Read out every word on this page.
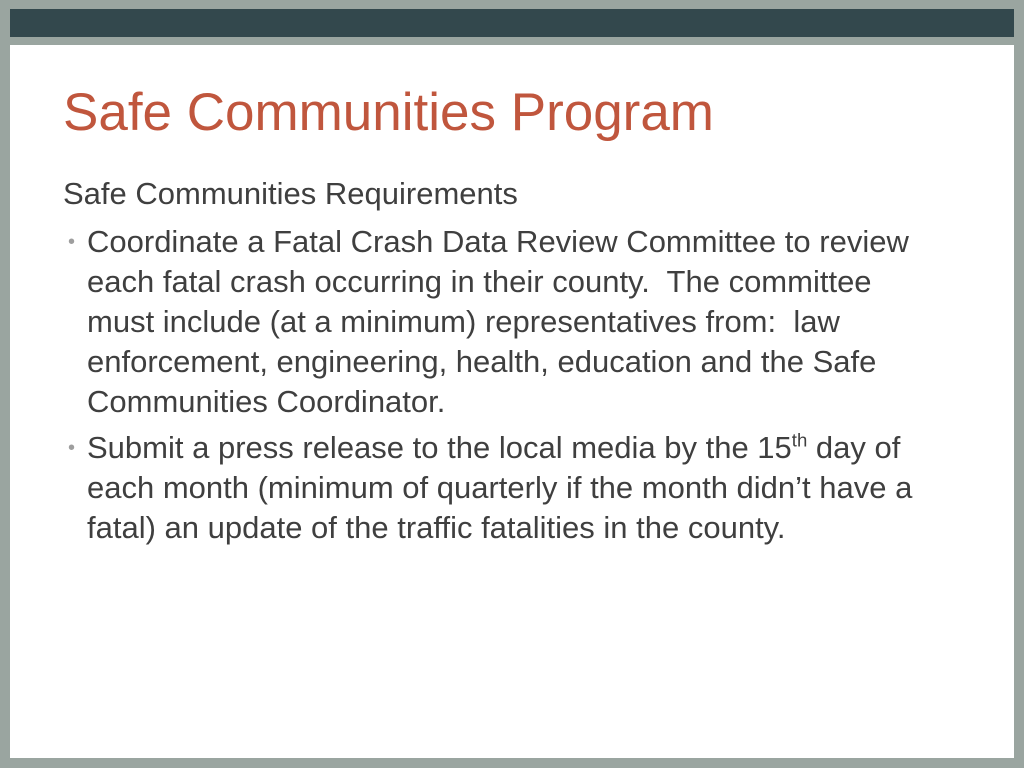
Safe Communities Program

Safe Communities Requirements

• Coordinate a Fatal Crash Data Review Committee to review each fatal crash occurring in their county.  The committee must include (at a minimum) representatives from:  law enforcement, engineering, health, education and the Safe Communities Coordinator.
• Submit a press release to the local media by the 15th day of each month (minimum of quarterly if the month didn’t have a fatal) an update of the traffic fatalities in the county.
